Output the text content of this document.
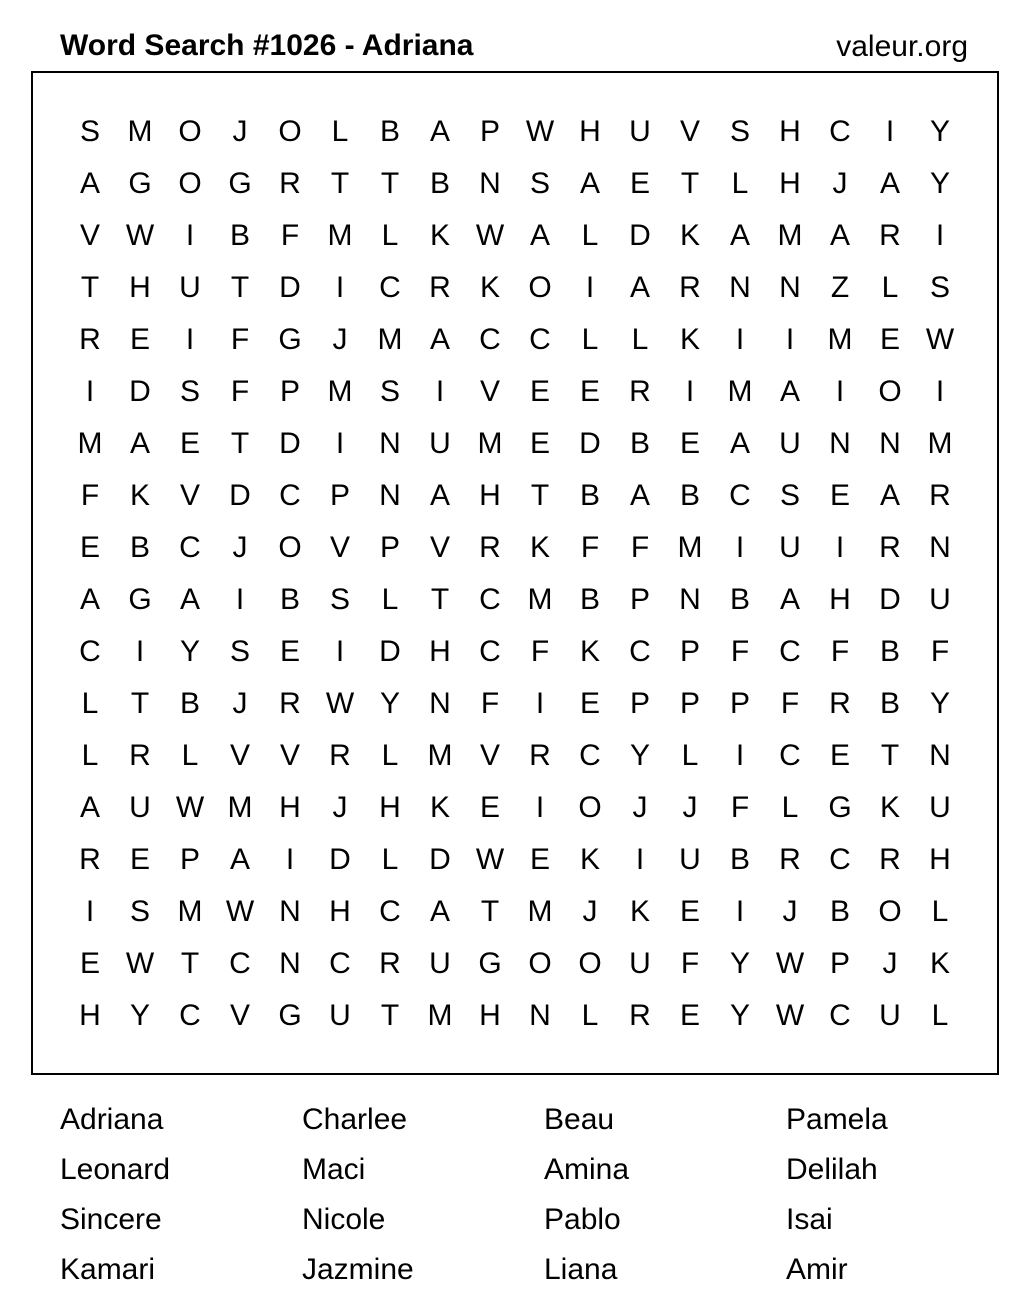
Word Search #1026 - Adriana	valeur.org
S M O	J	O L	B A P W H U V S H C	I	Y
A G O G R	T	T	B N S A E	T	L	H	J	A Y
V W	I	B	F M L	K W A	L	D K A M A R	I
T	H U	T	D	I	C R K O	I	A R N N	Z	L	S
R E	I	F G	J	M A C C	L	L	K	I	I	M E W
I	D S	F	P M S	I	V E E R	I	M A	I	O	I
M A E	T	D	I	N U M E D B E A U N N M
F	K V D C P N A H	T	B A B C S E A R
E B C	J	O V P V R K	F	F M	I	U	I	R N
A G A	I	B S	L	T	C M B P N B A H D U
C	I	Y S E	I	D H C	F	K C P	F	C	F	B	F
L	T	B	J	R W Y N	F	I	E P P P	F	R B Y
L	R	L	V V R	L M V R C Y	L	I	C E	T	N
A U W M H	J	H K E	I	O	J	J	F	L G K U
R E P A	I	D	L	D W E K	I	U B R C R H
I	S M W N H C A	T M	J	K E	I	J	B O L
E W T	C N C R U G O O U	F	Y W P	J	K
H Y C V G U	T M H N	L	R E Y W C U	L
Adriana	Charlee	Beau	Pamela
Leonard	Maci	Amina	Delilah
Sincere	Nicole	Pablo	Isai
Kamari	Jazmine	Liana	Amir
